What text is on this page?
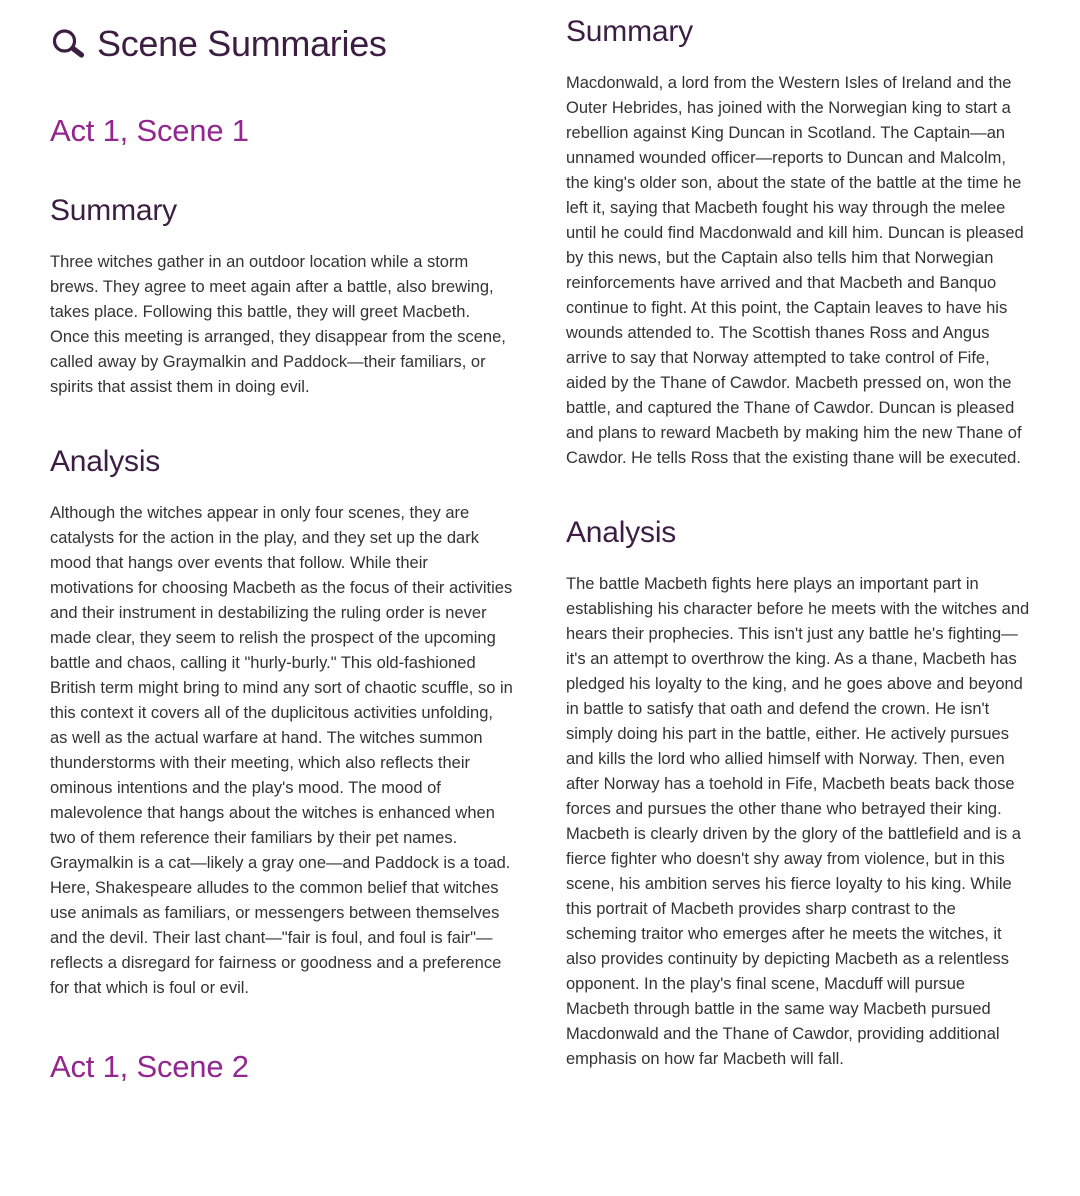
Scene Summaries
Act 1, Scene 1
Summary

Three witches gather in an outdoor location while a storm brews. They agree to meet again after a battle, also brewing, takes place. Following this battle, they will greet Macbeth. Once this meeting is arranged, they disappear from the scene, called away by Graymalkin and Paddock—their familiars, or spirits that assist them in doing evil.

Analysis

Although the witches appear in only four scenes, they are catalysts for the action in the play, and they set up the dark mood that hangs over events that follow. While their motivations for choosing Macbeth as the focus of their activities and their instrument in destabilizing the ruling order is never made clear, they seem to relish the prospect of the upcoming battle and chaos, calling it "hurly-burly." This old-fashioned British term might bring to mind any sort of chaotic scuffle, so in this context it covers all of the duplicitous activities unfolding, as well as the actual warfare at hand. The witches summon thunderstorms with their meeting, which also reflects their ominous intentions and the play's mood. The mood of malevolence that hangs about the witches is enhanced when two of them reference their familiars by their pet names. Graymalkin is a cat—likely a gray one—and Paddock is a toad. Here, Shakespeare alludes to the common belief that witches use animals as familiars, or messengers between themselves and the devil. Their last chant—"fair is foul, and foul is fair"—reflects a disregard for fairness or goodness and a preference for that which is foul or evil.

Act 1, Scene 2
Summary

Macdonwald, a lord from the Western Isles of Ireland and the Outer Hebrides, has joined with the Norwegian king to start a rebellion against King Duncan in Scotland. The Captain—an unnamed wounded officer—reports to Duncan and Malcolm, the king's older son, about the state of the battle at the time he left it, saying that Macbeth fought his way through the melee until he could find Macdonwald and kill him. Duncan is pleased by this news, but the Captain also tells him that Norwegian reinforcements have arrived and that Macbeth and Banquo continue to fight. At this point, the Captain leaves to have his wounds attended to. The Scottish thanes Ross and Angus arrive to say that Norway attempted to take control of Fife, aided by the Thane of Cawdor. Macbeth pressed on, won the battle, and captured the Thane of Cawdor. Duncan is pleased and plans to reward Macbeth by making him the new Thane of Cawdor. He tells Ross that the existing thane will be executed.

Analysis

The battle Macbeth fights here plays an important part in establishing his character before he meets with the witches and hears their prophecies. This isn't just any battle he's fighting—it's an attempt to overthrow the king. As a thane, Macbeth has pledged his loyalty to the king, and he goes above and beyond in battle to satisfy that oath and defend the crown. He isn't simply doing his part in the battle, either. He actively pursues and kills the lord who allied himself with Norway. Then, even after Norway has a toehold in Fife, Macbeth beats back those forces and pursues the other thane who betrayed their king. Macbeth is clearly driven by the glory of the battlefield and is a fierce fighter who doesn't shy away from violence, but in this scene, his ambition serves his fierce loyalty to his king. While this portrait of Macbeth provides sharp contrast to the scheming traitor who emerges after he meets the witches, it also provides continuity by depicting Macbeth as a relentless opponent. In the play's final scene, Macduff will pursue Macbeth through battle in the same way Macbeth pursued Macdonwald and the Thane of Cawdor, providing additional emphasis on how far Macbeth will fall.
